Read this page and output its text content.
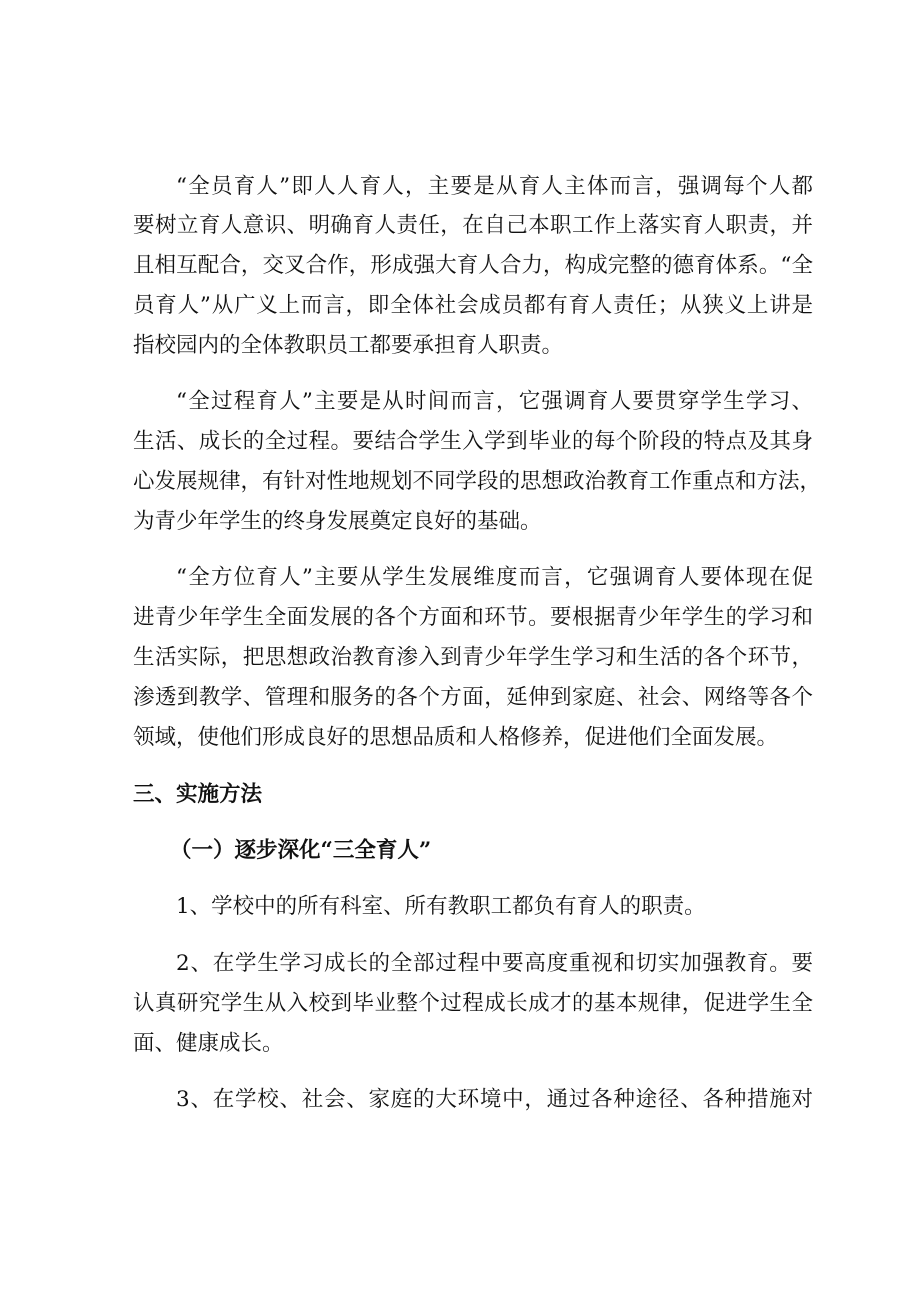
“全员育人”即人人育人，主要是从育人主体而言，强调每个人都
要树立育人意识、明确育人责任，在自己本职工作上落实育人职责，并
且相互配合，交叉合作，形成强大育人合力，构成完整的德育体系。“全
员育人”从广义上而言，即全体社会成员都有育人责任；从狭义上讲是
指校园内的全体教职员工都要承担育人职责。
“全过程育人”主要是从时间而言，它强调育人要贯穿学生学习、
生活、成长的全过程。要结合学生入学到毕业的每个阶段的特点及其身
心发展规律，有针对性地规划不同学段的思想政治教育工作重点和方法，
为青少年学生的终身发展奠定良好的基础。
“全方位育人”主要从学生发展维度而言，它强调育人要体现在促
进青少年学生全面发展的各个方面和环节。要根据青少年学生的学习和
生活实际，把思想政治教育渗入到青少年学生学习和生活的各个环节，
渗透到教学、管理和服务的各个方面，延伸到家庭、社会、网络等各个
领域，使他们形成良好的思想品质和人格修养，促进他们全面发展。
三、实施方法
（一）逐步深化“三全育人”
1、学校中的所有科室、所有教职工都负有育人的职责。
2、在学生学习成长的全部过程中要高度重视和切实加强教育。要
认真研究学生从入校到毕业整个过程成长成才的基本规律，促进学生全
面、健康成长。
3、在学校、社会、家庭的大环境中，通过各种途径、各种措施对
